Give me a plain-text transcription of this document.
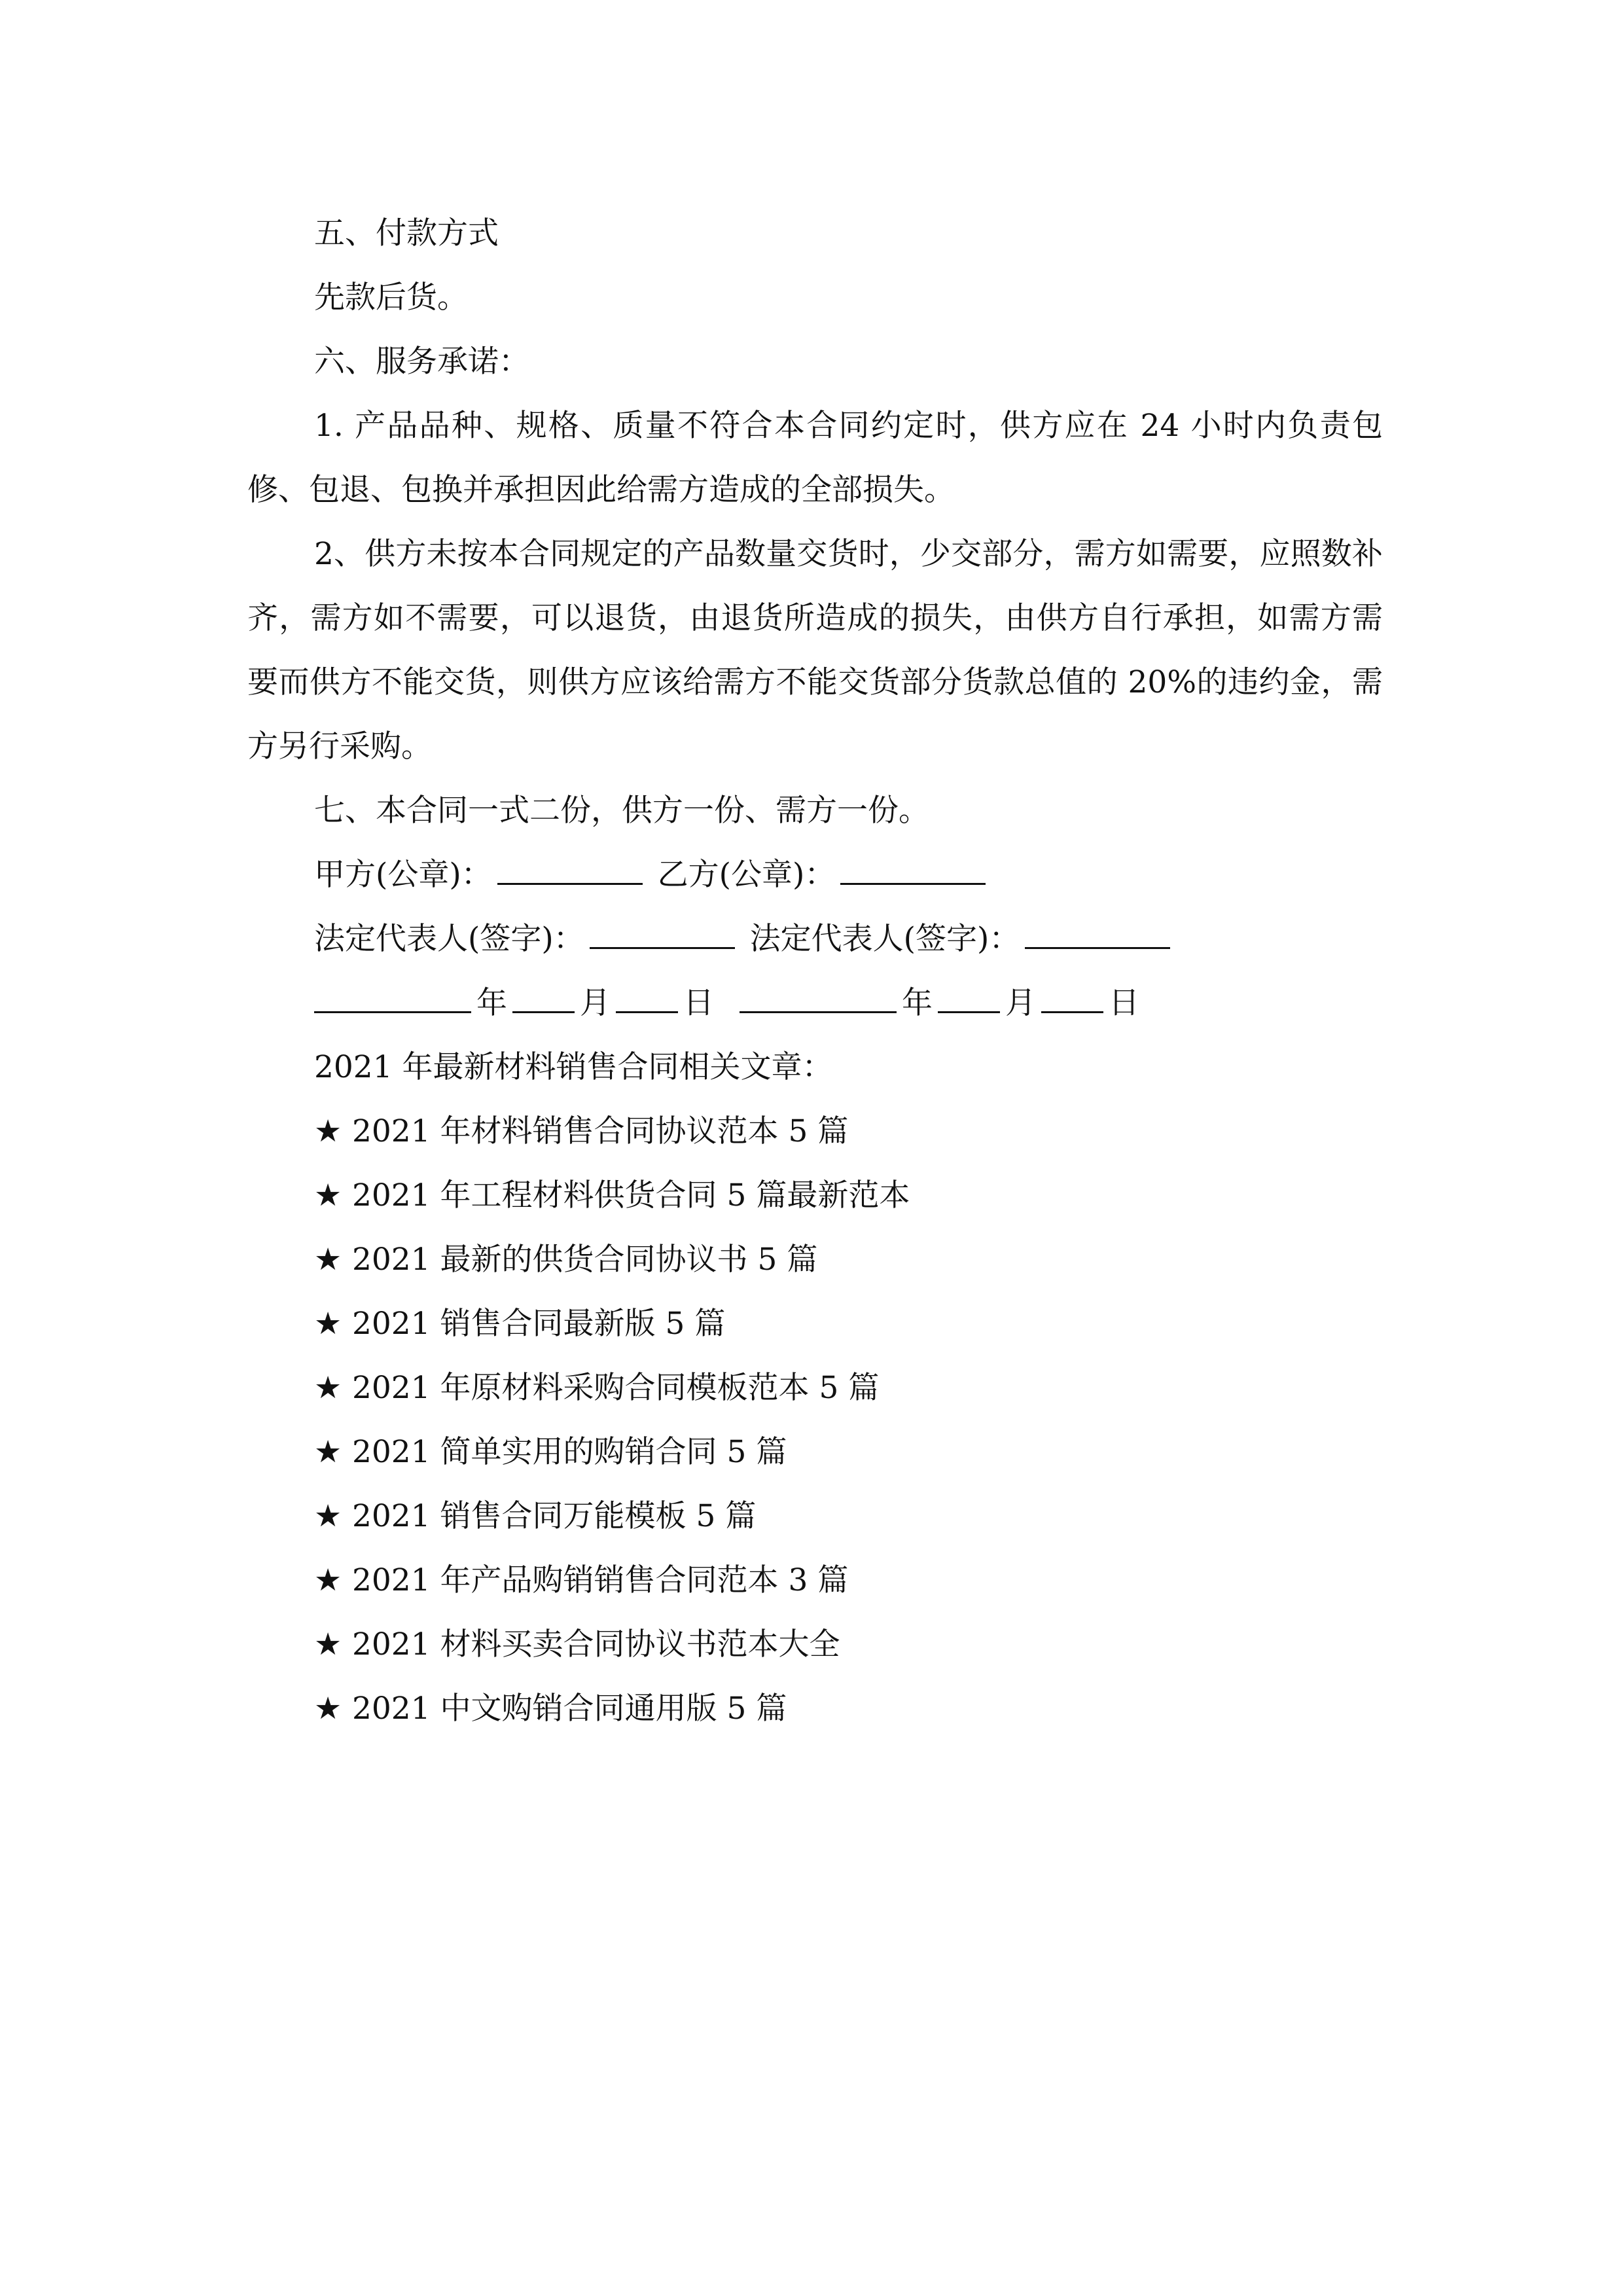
五、付款方式

先款后货。

六、服务承诺：

1. 产品品种、规格、质量不符合本合同约定时，供方应在 24 小时内负责包修、包退、包换并承担因此给需方造成的全部损失。

2、供方未按本合同规定的产品数量交货时，少交部分，需方如需要，应照数补齐，需方如不需要，可以退货，由退货所造成的损失，由供方自行承担，如需方需要而供方不能交货，则供方应该给需方不能交货部分货款总值的 20%的违约金，需方另行采购。

七、本合同一式二份，供方一份、需方一份。

甲方(公章)：	乙方(公章)：

法定代表人(签字)：	法定代表人(签字)：

年 月 日	年 月 日

2021 年最新材料销售合同相关文章：

★ 2021 年材料销售合同协议范本 5 篇

★ 2021 年工程材料供货合同 5 篇最新范本

★ 2021 最新的供货合同协议书 5 篇

★ 2021 销售合同最新版 5 篇

★ 2021 年原材料采购合同模板范本 5 篇

★ 2021 简单实用的购销合同 5 篇

★ 2021 销售合同万能模板 5 篇

★ 2021 年产品购销销售合同范本 3 篇

★ 2021 材料买卖合同协议书范本大全

★ 2021 中文购销合同通用版 5 篇
